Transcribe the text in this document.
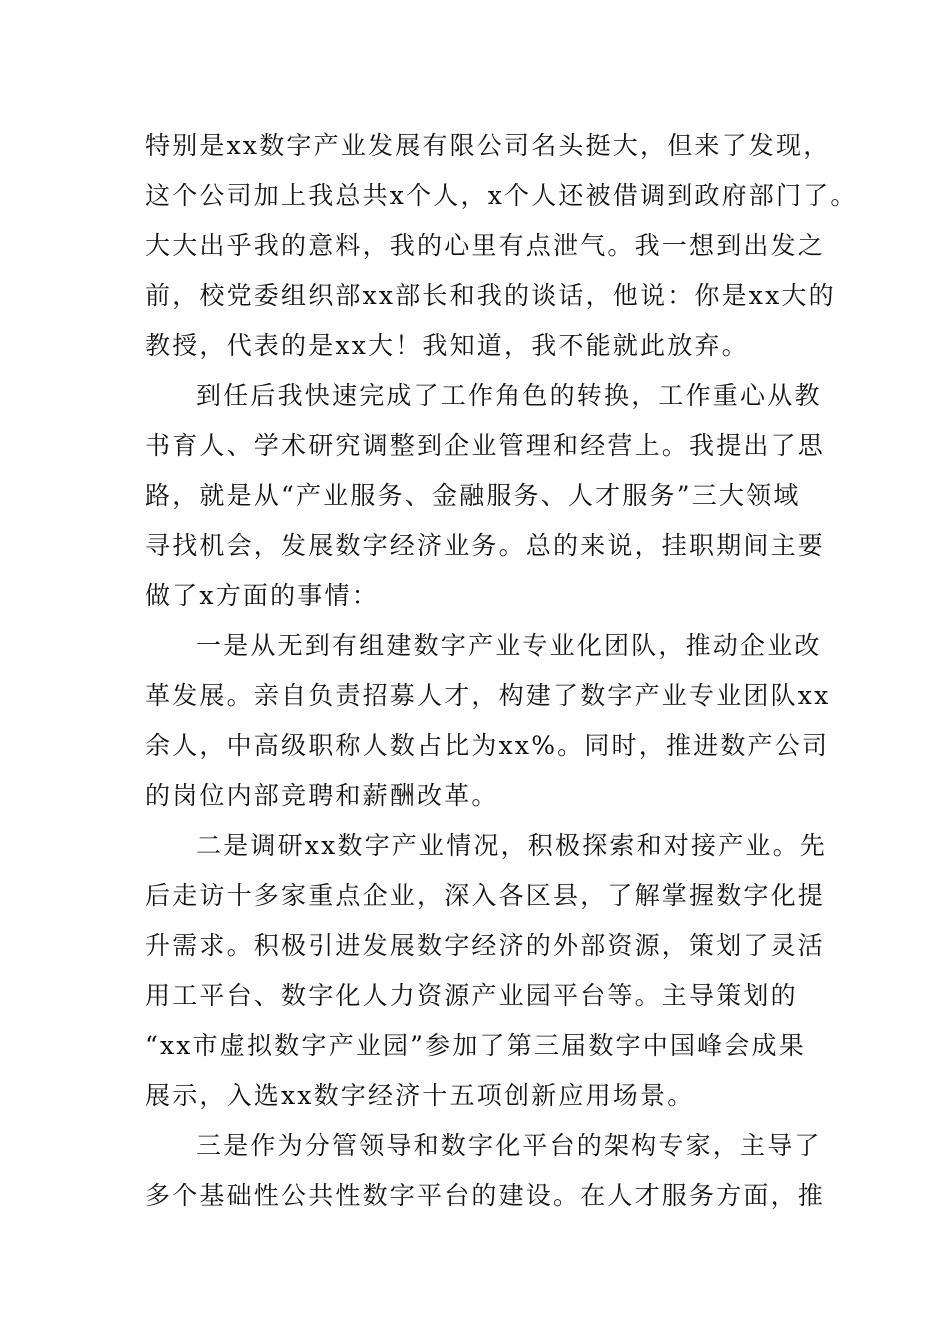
特别是xx数字产业发展有限公司名头挺大，但来了发现，
这个公司加上我总共x个人，x个人还被借调到政府部门了。
大大出乎我的意料，我的心里有点泄气。我一想到出发之
前，校党委组织部xx部长和我的谈话，他说：你是xx大的
教授，代表的是xx大！我知道，我不能就此放弃。
到任后我快速完成了工作角色的转换，工作重心从教
书育人、学术研究调整到企业管理和经营上。我提出了思
路，就是从“产业服务、金融服务、人才服务”三大领域
寻找机会，发展数字经济业务。总的来说，挂职期间主要
做了x方面的事情：
一是从无到有组建数字产业专业化团队，推动企业改
革发展。亲自负责招募人才，构建了数字产业专业团队xx
余人，中高级职称人数占比为xx%。同时，推进数产公司
的岗位内部竞聘和薪酬改革。
二是调研xx数字产业情况，积极探索和对接产业。先
后走访十多家重点企业，深入各区县，了解掌握数字化提
升需求。积极引进发展数字经济的外部资源，策划了灵活
用工平台、数字化人力资源产业园平台等。主导策划的
“xx市虚拟数字产业园”参加了第三届数字中国峰会成果
展示，入选xx数字经济十五项创新应用场景。
三是作为分管领导和数字化平台的架构专家，主导了
多个基础性公共性数字平台的建设。在人才服务方面，推
